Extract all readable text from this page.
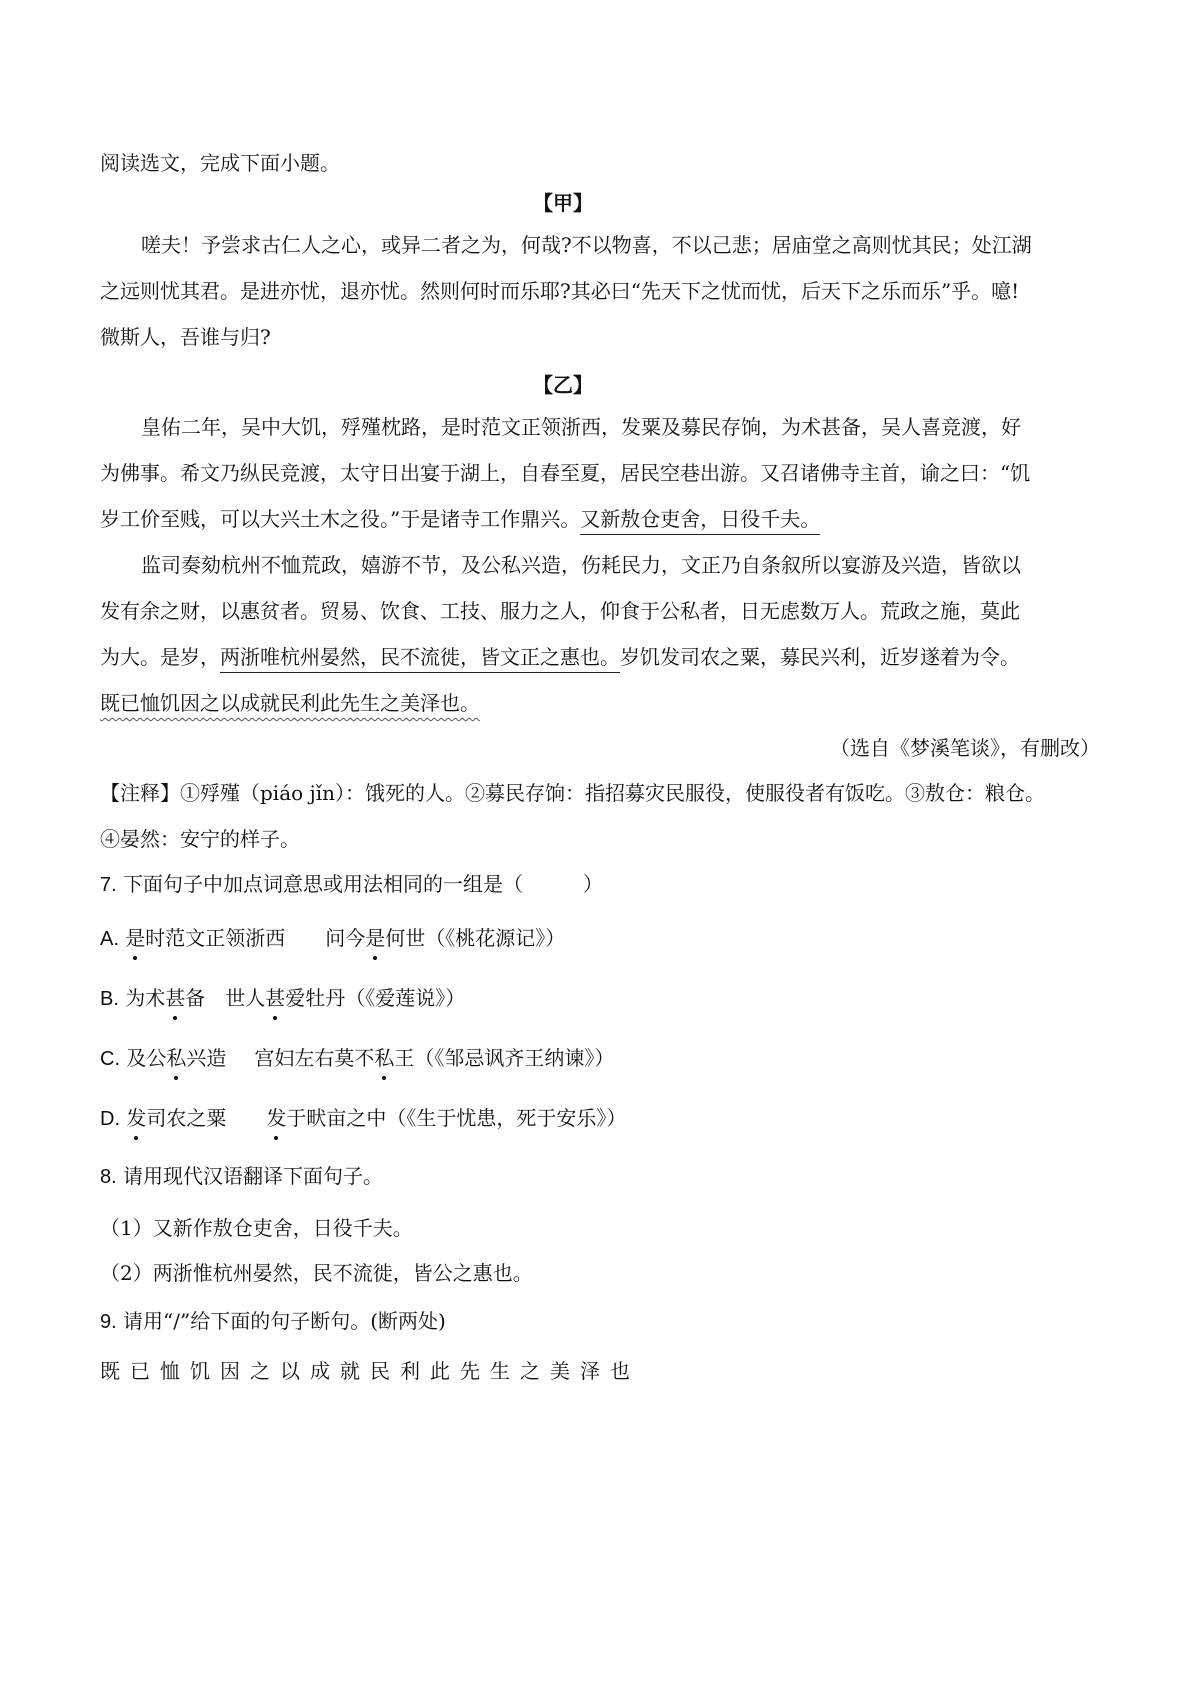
阅读选文，完成下面小题。
【甲】
嗟夫！予尝求古仁人之心，或异二者之为，何哉?不以物喜，不以己悲；居庙堂之高则忧其民；处江湖
之远则忧其君。是进亦忧，退亦忧。然则何时而乐耶?其必曰“先天下之忧而忧，后天下之乐而乐”乎。噫!
微斯人，吾谁与归?
【乙】
皇佑二年，吴中大饥，殍殣枕路，是时范文正领浙西，发粟及募民存饷，为术甚备，吴人喜竞渡，好
为佛事。希文乃纵民竞渡，太守日出宴于湖上，自春至夏，居民空巷出游。又召诸佛寺主首，谕之曰：“饥
岁工价至贱，可以大兴土木之役。”于是诸寺工作鼎兴。又新敖仓吏舍，日役千夫。
监司奏劾杭州不恤荒政，嬉游不节，及公私兴造，伤耗民力，文正乃自条叙所以宴游及兴造，皆欲以
发有余之财，以惠贫者。贸易、饮食、工技、服力之人，仰食于公私者，日无虑数万人。荒政之施，莫此
为大。是岁，两浙唯杭州晏然，民不流徙，皆文正之惠也。岁饥发司农之粟，募民兴利，近岁遂着为令。
既已恤饥因之以成就民利此先生之美泽也。
（选自《梦溪笔谈》，有删改）
【注释】①殍殣（piáo jǐn）：饿死的人。②募民存饷：指招募灾民服役，使服役者有饭吃。③敖仓：粮仓。
④晏然：安宁的样子。
7. 下面句子中加点词意思或用法相同的一组是（　　　）
A. 是时范文正领浙西 问今是何世（《桃花源记》）
B. 为术甚备 世人甚爱牡丹（《爱莲说》）
C. 及公私兴造 宫妇左右莫不私王（《邹忌讽齐王纳谏》）
D. 发司农之粟 发于畎亩之中（《生于忧患，死于安乐》）
8. 请用现代汉语翻译下面句子。
（1）又新作敖仓吏舍，日役千夫。
（2）两浙惟杭州晏然，民不流徙，皆公之惠也。
9. 请用“/”给下面的句子断句。(断两处)
既 已 恤 饥 因 之 以 成 就 民 利 此 先 生 之 美 泽 也
